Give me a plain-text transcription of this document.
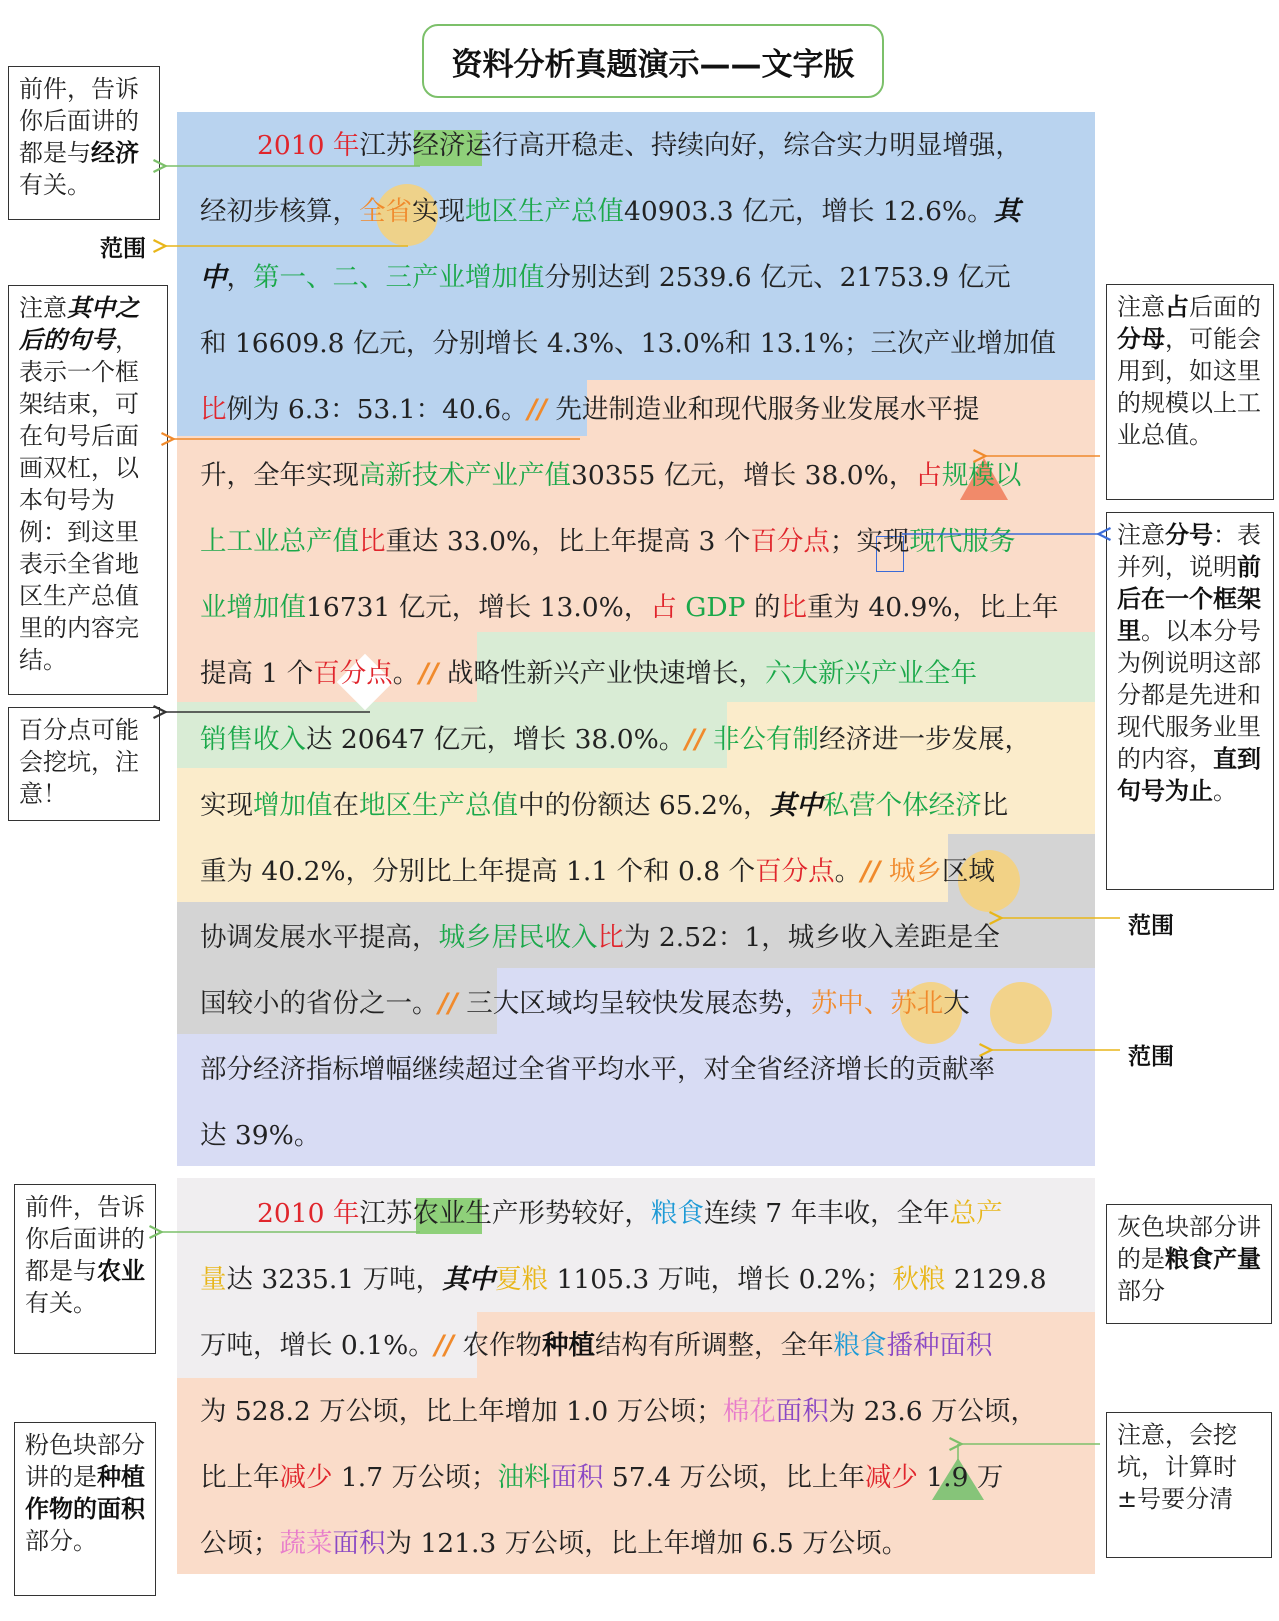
资料分析真题演示——文字版
2010 年江苏经济运行高开稳走、持续向好，综合实力明显增强，
经初步核算，全省实现地区生产总值40903.3 亿元，增长 12.6%。其
中，第一、二、三产业增加值分别达到 2539.6 亿元、21753.9 亿元
和 16609.8 亿元，分别增长 4.3%、13.0%和 13.1%；三次产业增加值
比例为 6.3：53.1：40.6。// 先进制造业和现代服务业发展水平提
升，全年实现高新技术产业产值30355 亿元，增长 38.0%，占规模以
上工业总产值比重达 33.0%，比上年提高 3 个百分点；实现现代服务
业增加值16731 亿元，增长 13.0%，占 GDP 的比重为 40.9%，比上年
提高 1 个百分点。// 战略性新兴产业快速增长，六大新兴产业全年
销售收入达 20647 亿元，增长 38.0%。// 非公有制经济进一步发展，
实现增加值在地区生产总值中的份额达 65.2%，其中私营个体经济比
重为 40.2%，分别比上年提高 1.1 个和 0.8 个百分点。// 城乡区域
协调发展水平提高，城乡居民收入比为 2.52：1，城乡收入差距是全
国较小的省份之一。// 三大区域均呈较快发展态势，苏中、苏北大
部分经济指标增幅继续超过全省平均水平，对全省经济增长的贡献率
达 39%。
2010 年江苏农业生产形势较好，粮食连续 7 年丰收，全年总产
量达 3235.1 万吨，其中夏粮 1105.3 万吨，增长 0.2%；秋粮 2129.8
万吨，增长 0.1%。// 农作物种植结构有所调整，全年粮食播种面积
为 528.2 万公顷，比上年增加 1.0 万公顷；棉花面积为 23.6 万公顷，
比上年减少 1.7 万公顷；油料面积 57.4 万公顷，比上年减少 1.9 万
公顷；蔬菜面积为 121.3 万公顷，比上年增加 6.5 万公顷。
前件，告诉你后面讲的都是与经济有关。
范围
注意其中之后的句号，表示一个框架结束，可在句号后面画双杠，以本句号为例：到这里表示全省地区生产总值里的内容完结。
百分点可能会挖坑，注意！
前件，告诉你后面讲的都是与农业有关。
粉色块部分讲的是种植作物的面积部分。
注意占后面的分母，可能会用到，如这里的规模以上工业总值。
注意分号：表并列，说明前后在一个框架里。以本分号为例说明这部分都是先进和现代服务业里的内容，直到句号为止。
范围
范围
灰色块部分讲的是粮食产量部分
注意，会挖坑，计算时±号要分清
